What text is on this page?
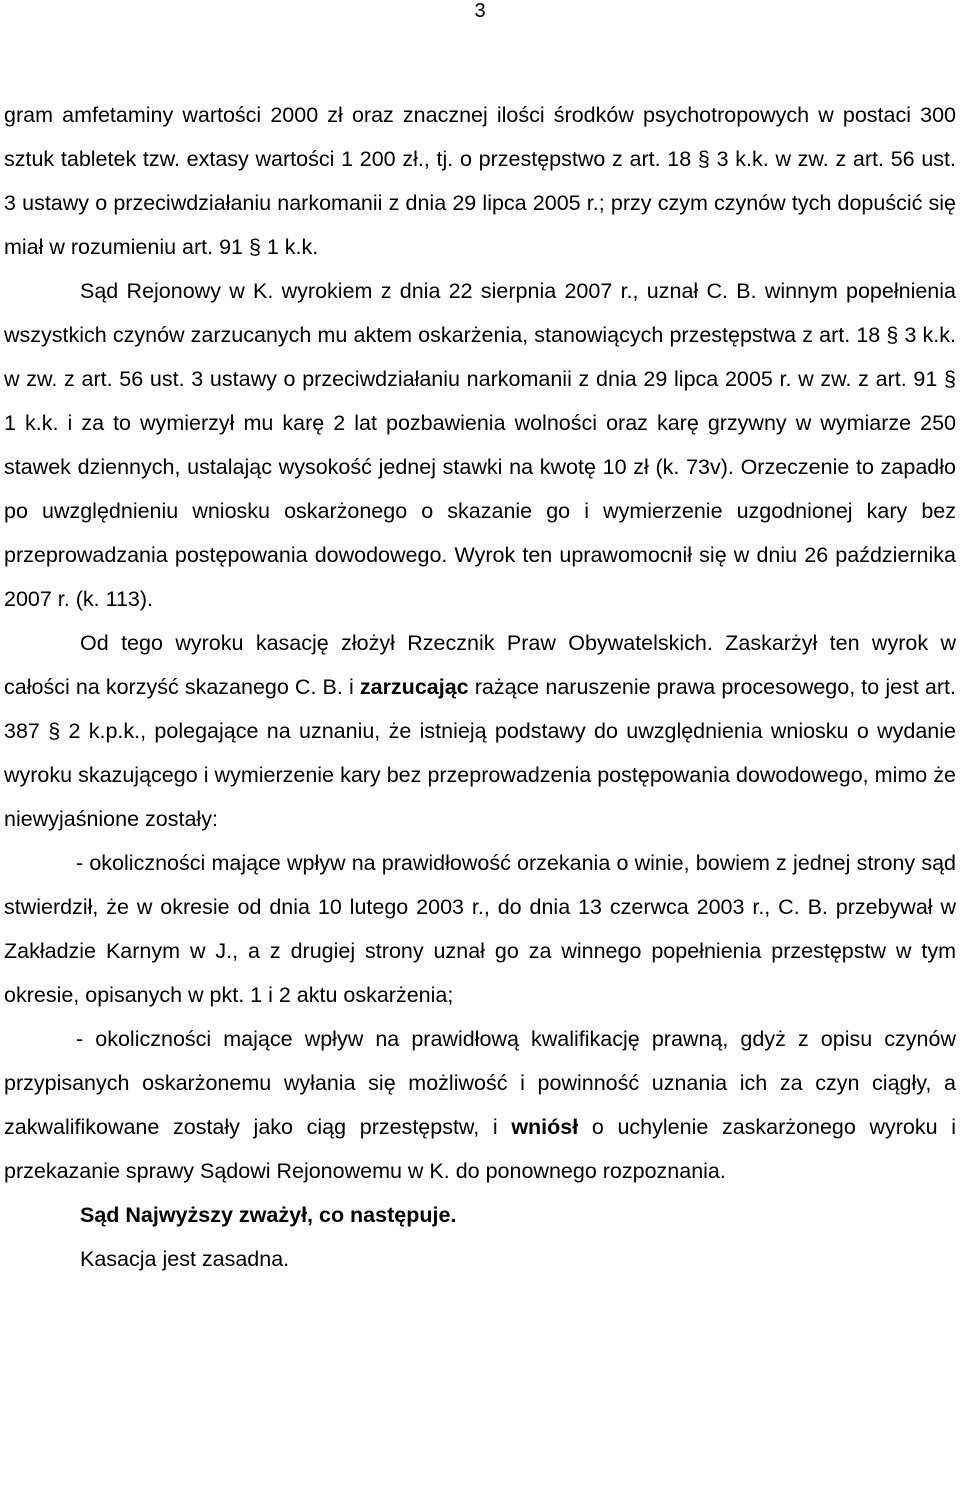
3

gram amfetaminy wartości 2000 zł oraz znacznej ilości środków psychotropowych w postaci 300 sztuk tabletek tzw. extasy wartości 1 200 zł., tj. o przestępstwo z art. 18 § 3 k.k. w zw. z art. 56 ust. 3 ustawy o przeciwdziałaniu narkomanii z dnia 29 lipca 2005 r.; przy czym czynów tych dopuścić się miał w rozumieniu art. 91 § 1 k.k.

Sąd Rejonowy w K. wyrokiem z dnia 22 sierpnia 2007 r., uznał C. B. winnym popełnienia wszystkich czynów zarzucanych mu aktem oskarżenia, stanowiących przestępstwa z art. 18 § 3 k.k. w zw. z art. 56 ust. 3 ustawy o przeciwdziałaniu narkomanii z dnia 29 lipca 2005 r. w zw. z art. 91 § 1 k.k. i za to wymierzył mu karę 2 lat pozbawienia wolności oraz karę grzywny w wymiarze 250 stawek dziennych, ustalając wysokość jednej stawki na kwotę 10 zł (k. 73v). Orzeczenie to zapadło po uwzględnieniu wniosku oskarżonego o skazanie go i wymierzenie uzgodnionej kary bez przeprowadzania postępowania dowodowego. Wyrok ten uprawomocnił się w dniu 26 października 2007 r. (k. 113).

Od tego wyroku kasację złożył Rzecznik Praw Obywatelskich. Zaskarżył ten wyrok w całości na korzyść skazanego C. B. i zarzucając rażące naruszenie prawa procesowego, to jest art. 387 § 2 k.p.k., polegające na uznaniu, że istnieją podstawy do uwzględnienia wniosku o wydanie wyroku skazującego i wymierzenie kary bez przeprowadzenia postępowania dowodowego, mimo że niewyjaśnione zostały:

- okoliczności mające wpływ na prawidłowość orzekania o winie, bowiem z jednej strony sąd stwierdził, że w okresie od dnia 10 lutego 2003 r., do dnia 13 czerwca 2003 r., C. B. przebywał w Zakładzie Karnym w J., a z drugiej strony uznał go za winnego popełnienia przestępstw w tym okresie, opisanych w pkt. 1 i 2 aktu oskarżenia;

- okoliczności mające wpływ na prawidłową kwalifikację prawną, gdyż z opisu czynów przypisanych oskarżonemu wyłania się możliwość i powinność uznania ich za czyn ciągły, a zakwalifikowane zostały jako ciąg przestępstw, i wniósł o uchylenie zaskarżonego wyroku i przekazanie sprawy Sądowi Rejonowemu w K. do ponownego rozpoznania.

Sąd Najwyższy zważył, co następuje.

Kasacja jest zasadna.
